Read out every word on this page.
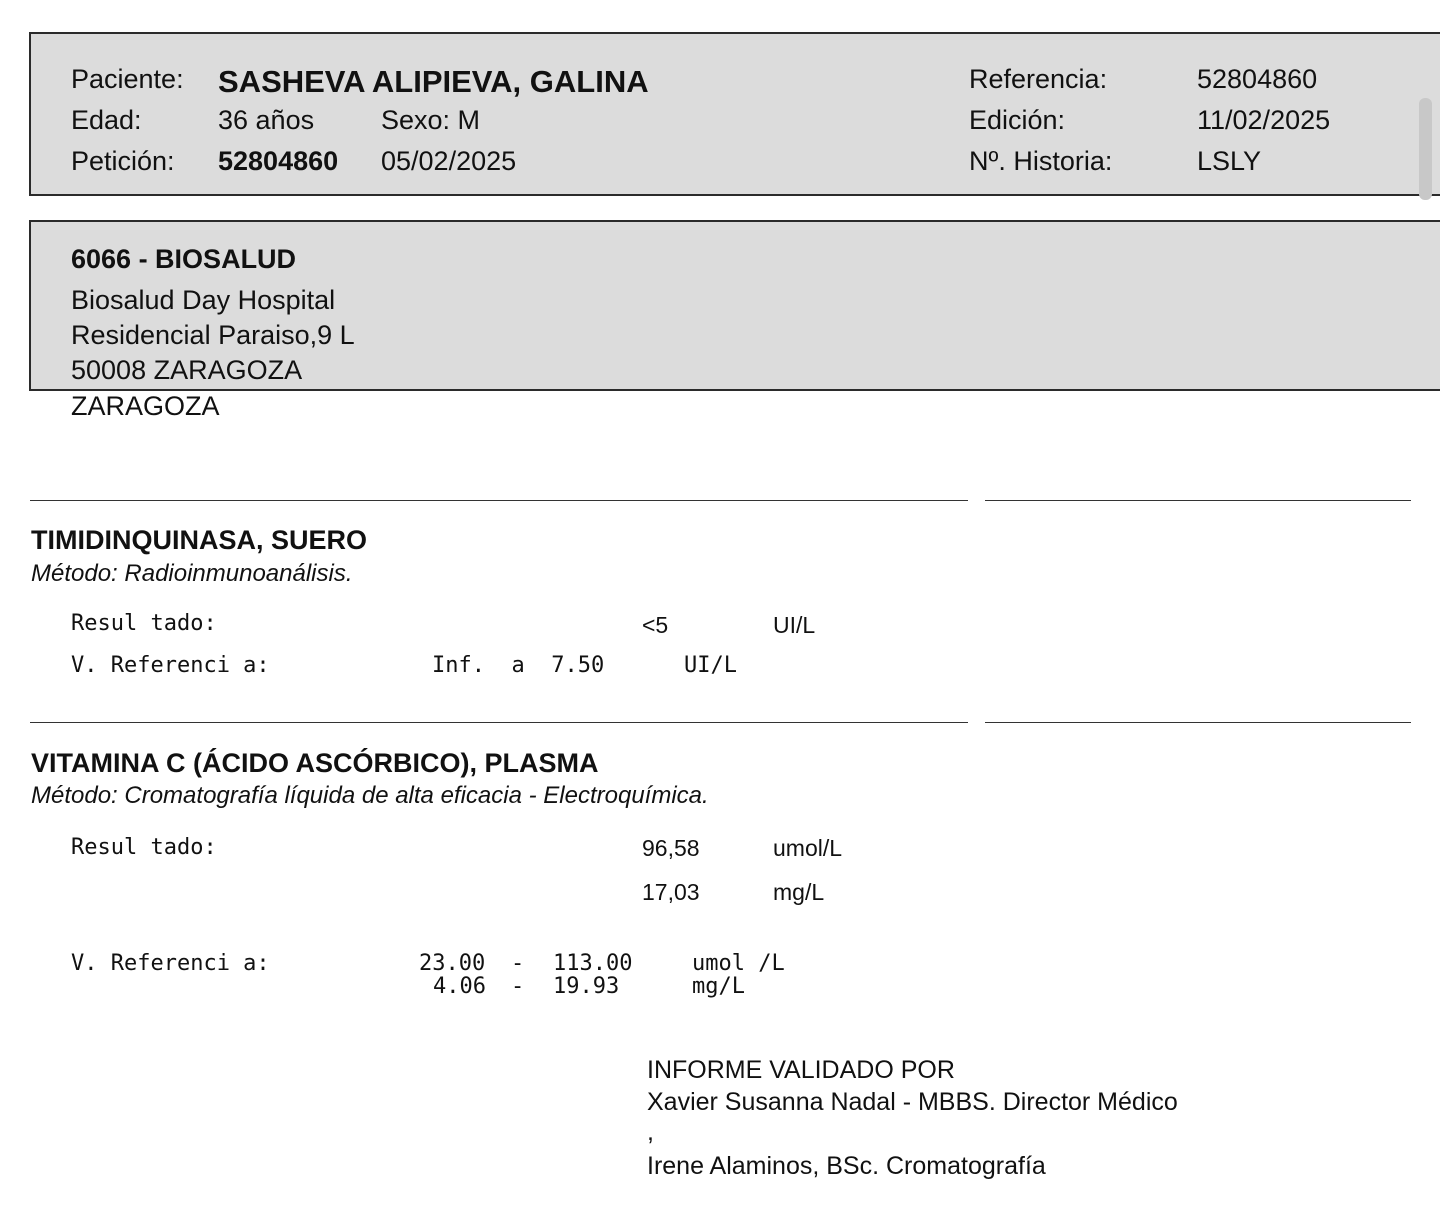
Paciente: SASHEVA ALIPIEVA, GALINA
Edad:	36 años Sexo: M
Petición: 52804860 05/02/2025
Referencia:	52804860
Edición:	11/02/2025
Nº. Historia:	LSLY
6066 - BIOSALUD
Biosalud Day Hospital
Residencial Paraiso,9 L
50008 ZARAGOZA
ZARAGOZA
TIMIDINQUINASA, SUERO
Método: Radioinmunoanálisis.
Resul tado:	<5	UI/L
V. Referenci a:	Inf.  a  7.50	UI/L
VITAMINA C (ÁCIDO ASCÓRBICO), PLASMA
Método: Cromatografía líquida de alta eficacia - Electroquímica.
Resul tado:	96,58	umol/L
17,03	mg/L
V. Referenci a:	23.00 - 113.00	umol /L
4.06 - 19.93	mg/L
INFORME VALIDADO POR
Xavier Susanna Nadal - MBBS. Director Médico
,
Irene Alaminos, BSc. Cromatografía
